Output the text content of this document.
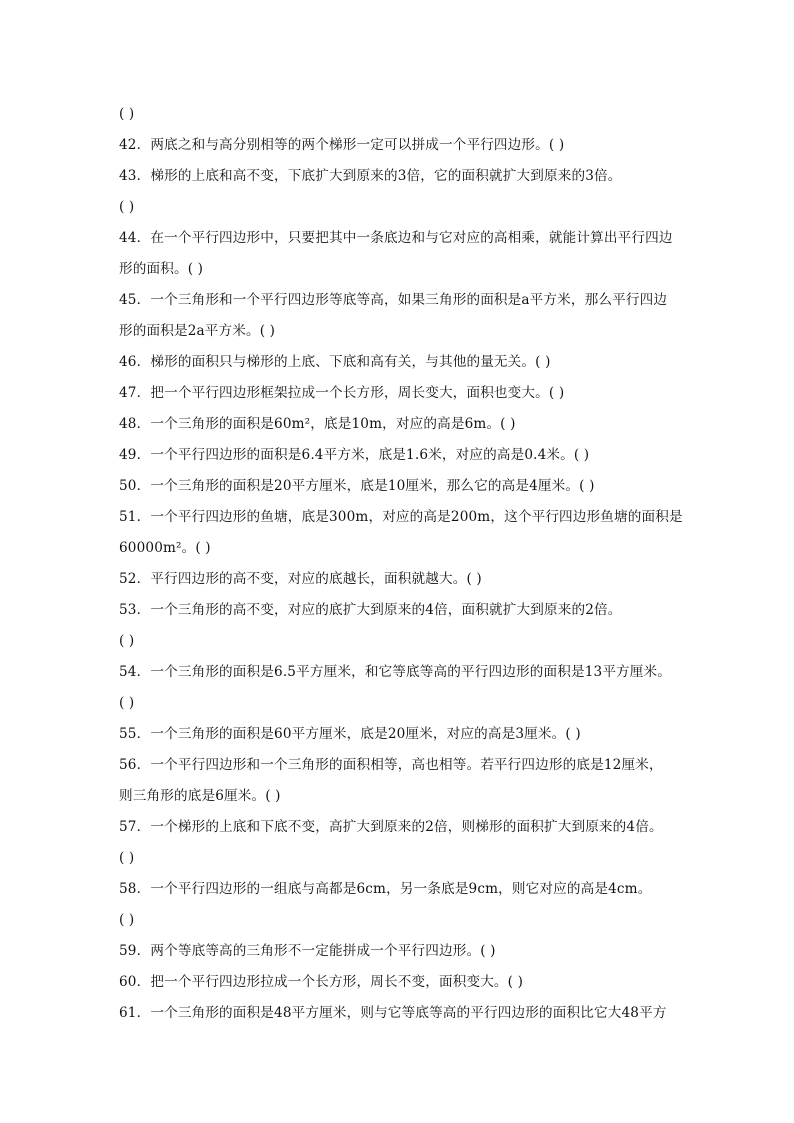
( )
42．两底之和与高分别相等的两个梯形一定可以拼成一个平行四边形。( )
43．梯形的上底和高不变，下底扩大到原来的3倍，它的面积就扩大到原来的3倍。
( )
44．在一个平行四边形中，只要把其中一条底边和与它对应的高相乘，就能计算出平行四边
形的面积。( )
45．一个三角形和一个平行四边形等底等高，如果三角形的面积是a平方米，那么平行四边
形的面积是2a平方米。( )
46．梯形的面积只与梯形的上底、下底和高有关，与其他的量无关。( )
47．把一个平行四边形框架拉成一个长方形，周长变大，面积也变大。( )
48．一个三角形的面积是60m²，底是10m，对应的高是6m。( )
49．一个平行四边形的面积是6.4平方米，底是1.6米，对应的高是0.4米。( )
50．一个三角形的面积是20平方厘米，底是10厘米，那么它的高是4厘米。( )
51．一个平行四边形的鱼塘，底是300m，对应的高是200m，这个平行四边形鱼塘的面积是
60000m²。( )
52．平行四边形的高不变，对应的底越长，面积就越大。( )
53．一个三角形的高不变，对应的底扩大到原来的4倍，面积就扩大到原来的2倍。
( )
54．一个三角形的面积是6.5平方厘米，和它等底等高的平行四边形的面积是13平方厘米。
( )
55．一个三角形的面积是60平方厘米，底是20厘米，对应的高是3厘米。( )
56．一个平行四边形和一个三角形的面积相等，高也相等。若平行四边形的底是12厘米，
则三角形的底是6厘米。( )
57．一个梯形的上底和下底不变，高扩大到原来的2倍，则梯形的面积扩大到原来的4倍。
( )
58．一个平行四边形的一组底与高都是6cm，另一条底是9cm，则它对应的高是4cm。
( )
59．两个等底等高的三角形不一定能拼成一个平行四边形。( )
60．把一个平行四边形拉成一个长方形，周长不变，面积变大。( )
61．一个三角形的面积是48平方厘米，则与它等底等高的平行四边形的面积比它大48平方
